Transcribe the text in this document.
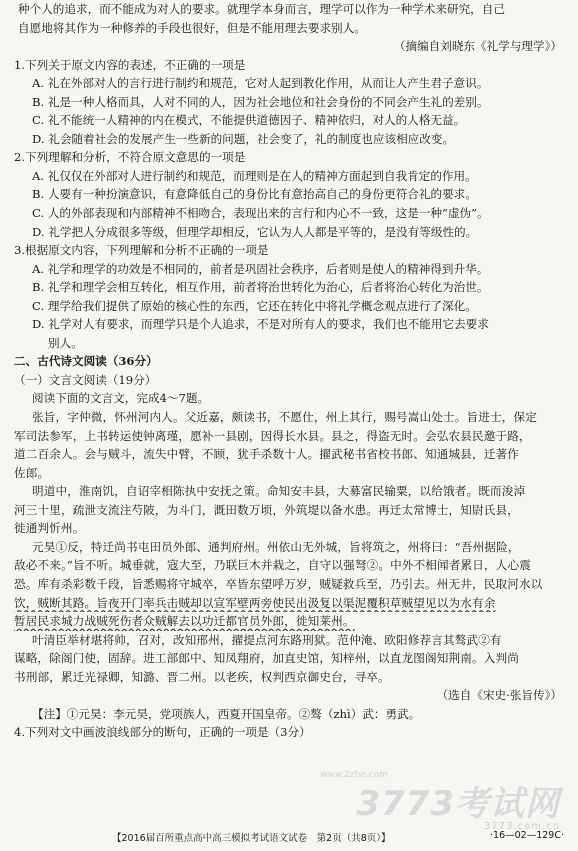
种个人的追求，而不能成为对人的要求。就理学本身而言，理学可以作为一种学术来研究，自己
自愿地将其作为一种修养的手段也很好，但是不能用理去要求别人。
（摘编自刘晓东《礼学与理学》）
1.下列关于原文内容的表述，不正确的一项是
A. 礼在外部对人的言行进行制约和规范，它对人起到教化作用，从而让人产生君子意识。
B. 礼是一种人格而具，人对不同的人，因为社会地位和社会身份的不同会产生礼的差别。
C. 礼不能统一人精神的内在模式，不能提供道德因子、精神依归，对人的人格无益。
D. 礼会随着社会的发展产生一些新的问题，社会变了，礼的制度也应该相应改变。
2.下列理解和分析，不符合原文意思的一项是
A. 礼仅仅在外部对人进行制约和规范，而理则是在人的精神方面起到自我肯定的作用。
B. 人要有一种扮演意识，有意降低自己的身份比有意抬高自己的身份更符合礼的要求。
C. 人的外部表现和内部精神不相吻合，表现出来的言行和内心不一致，这是一种“虚伪”。
D. 礼学把人分成很多等级，但理学却相反，它认为人人都是平等的，是没有等级性的。
3.根据原文内容，下列理解和分析不正确的一项是
A. 礼学和理学的功效是不相同的，前者是巩固社会秩序，后者则是使人的精神得到升华。
B. 礼学和理学会相互转化，相互作用，前者将治世转化为治心，后者将治心转化为治世。
C. 理学给我们提供了原始的核心性的东西，它还在转化中将礼学概念观点进行了深化。
D. 礼学对人有要求，而理学只是个人追求，不是对所有人的要求，我们也不能用它去要求
别人。
二、古代诗文阅读（36分）
（一）文言文阅读（19分）
阅读下面的文言文，完成4～7题。
张旨，字仲微，怀州河内人。父近嘉，颇读书，不愿仕，州上其行，赐号嵩山处士。旨进士，保定
军司法参军，上书转运使钟离瑾，愿补一县剧，因得长水县。县之，得盗无时。会弘农县民邀于路，
道二百余人。会与贼斗，流失中臂，不顾，犹手杀数十人。擢武秘书省校书郎、知通城县，迁著作
佐郎。
明道中，淮南饥，自诏宰相陈执中安抚之策。命知安丰县，大募富民输粟，以给饿者。既而浚淖
河三十里，疏泄支流注芍陂，为斗门，溉田数万顷，外筑堤以备水患。再迁太常博士，知尉氏县，
徙通判忻州。
元昊①反，特迁尚书屯田员外郎、通判府州。州依山无外城，旨将筑之，州将曰：“吾州据险，
敌必不来。”旨不听。城垂就，寇大至，乃联巨木并栽之，自守以强弩②。中外不相闻者累日，人心震
恐。库有杀彩数千段，旨悉赐将守城卒，卒皆东望呼万岁，贼疑救兵至，乃引去。州无井，民取河水以
饮，贼断其路。旨夜开门率兵击贼却以宣军壁两旁使民出汲复以渠泥覆积草贼望见以为水有余
暂居民求城力战贼死伤者众贼解去以功迁都官员外郎，徙知莱州。
叶清臣举材堪将帅，召对，改知邢州，擢提点河东路刑狱。范仲淹、欧阳修荐言其骜武②有
谋略，除阁门使，固辞。进工部郎中、知凤翔府，加直史馆，知梓州，以直龙图阁知荆南。入判尚
书刑部，累迁光禄卿，知潞、晋二州。以老疾，权判西京御史台，寻卒。
（选自《宋史·张旨传》）
【注】①元昊：李元昊，党项族人，西夏开国皇帝。②骜（zhì）武：勇武。
4.下列对文中画波浪线部分的断句，正确的一项是（3分）
www.2zhe.com
3773考试网
3773.com.cn
【2016届百所重点高中高三模拟考试语文试卷　第2页（共8页）】	·16—02—129C·
